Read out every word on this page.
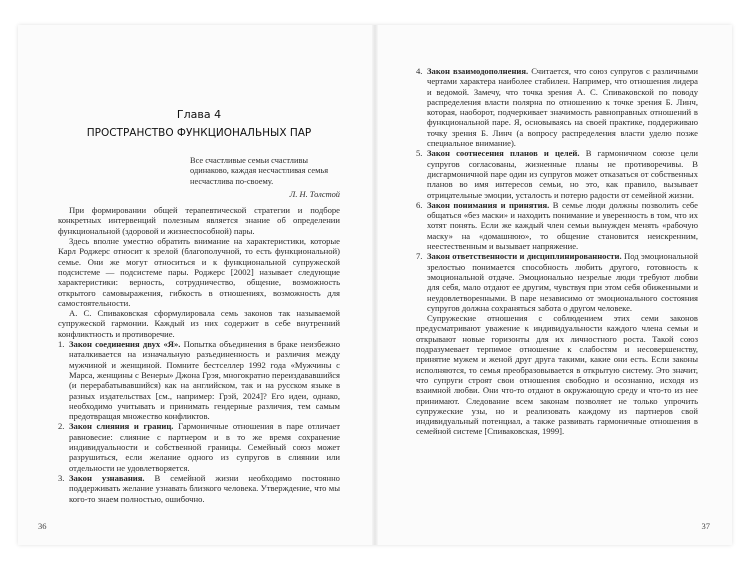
Глава 4

ПРОСТРАНСТВО ФУНКЦИОНАЛЬНЫХ ПАР

Все счастливые семьи счастливы одинаково, каждая несчастливая семья несчастлива по-своему.

Л. Н. Толстой

При формировании общей терапевтической стратегии и подборе конкретных интервенций полезным является знание об определении функциональной (здоровой и жизнеспособной) пары.

Здесь вполне уместно обратить внимание на характеристики, которые Карл Роджерс относит к зрелой (благополучной, то есть функциональной) семье. Они же могут относиться и к функциональной супружеской подсистеме — подсистеме пары. Роджерс [2002] называет следующие характеристики: верность, сотрудничество, общение, возможность открытого самовыражения, гибкость в отношениях, возможность для самостоятельности.

А. С. Спиваковская сформулировала семь законов так называемой супружеской гармонии. Каждый из них содержит в себе внутренний конфликтность и противоречие.

1. Закон соединения двух «Я». Попытка объединения в браке неизбежно наталкивается на изначальную разъединенность и различия между мужчиной и женщиной. Помните бестселлер 1992 года «Мужчины с Марса, женщины с Венеры» Джона Грэя, многократно переиздававшийся (и перерабатывавшийся) как на английском, так и на русском языке в разных издательствах [см., например: Грэй, 2024]? Его идеи, однако, необходимо учитывать и принимать гендерные различия, тем самым предотвращая множество конфликтов.
2. Закон слияния и границ. Гармоничные отношения в паре отличает равновесие: слияние с партнером и в то же время сохранение индивидуальности и собственной границы. Семейный союз может разрушиться, если желание одного из супругов в слиянии или отдельности не удовлетворяется.
3. Закон узнавания. В семейной жизни необходимо постоянно поддерживать желание узнавать близкого человека. Утверждение, что мы кого-то знаем полностью, ошибочно.
36
4. Закон взаимодополнения. Считается, что союз супругов с различными чертами характера наиболее стабилен. Например, что отношения лидера и ведомой. Замечу, что точка зрения А. С. Спиваковской по поводу распределения власти полярна по отношению к точке зрения Б. Линч, которая, наоборот, подчеркивает значимость равноправных отношений в функциональной паре. Я, основываясь на своей практике, поддерживаю точку зрения Б. Линч (а вопросу распределения власти уделю позже специальное внимание).
5. Закон соотнесения планов и целей. В гармоничном союзе цели супругов согласованы, жизненные планы не противоречивы. В дисгармоничной паре один из супругов может отказаться от собственных планов во имя интересов семьи, но это, как правило, вызывает отрицательные эмоции, усталость и потерю радости от семейной жизни.
6. Закон понимания и принятия. В семье люди должны позволить себе общаться «без маски» и находить понимание и уверенность в том, что их хотят понять. Если же каждый член семьи вынужден менять «рабочую маску» на «домашнюю», то общение становится неискренним, неестественным и вызывает напряжение.
7. Закон ответственности и дисциплинированности. Под эмоциональной зрелостью понимается способность любить другого, готовность к эмоциональной отдаче. Эмоционально незрелые люди требуют любви для себя, мало отдают ее другим, чувствуя при этом себя обиженными и неудовлетворенными. В паре независимо от эмоционального состояния супругов должна сохраняться забота о другом человеке.

Супружеские отношения с соблюдением этих семи законов предусматривают уважение к индивидуальности каждого члена семьи и открывают новые горизонты для их личностного роста. Такой союз подразумевает терпимое отношение к слабостям и несовершенству, принятие мужем и женой друг друга такими, какие они есть. Если законы исполняются, то семья преобразовывается в открытую систему. Это значит, что супруги строят свои отношения свободно и осознанно, исходя из взаимной любви. Они что-то отдают в окружающую среду и что-то из нее принимают. Следование всем законам позволяет не только упрочить супружеские узы, но и реализовать каждому из партнеров свой индивидуальный потенциал, а также развивать гармоничные отношения в семейной системе [Спиваковская, 1999].

37
